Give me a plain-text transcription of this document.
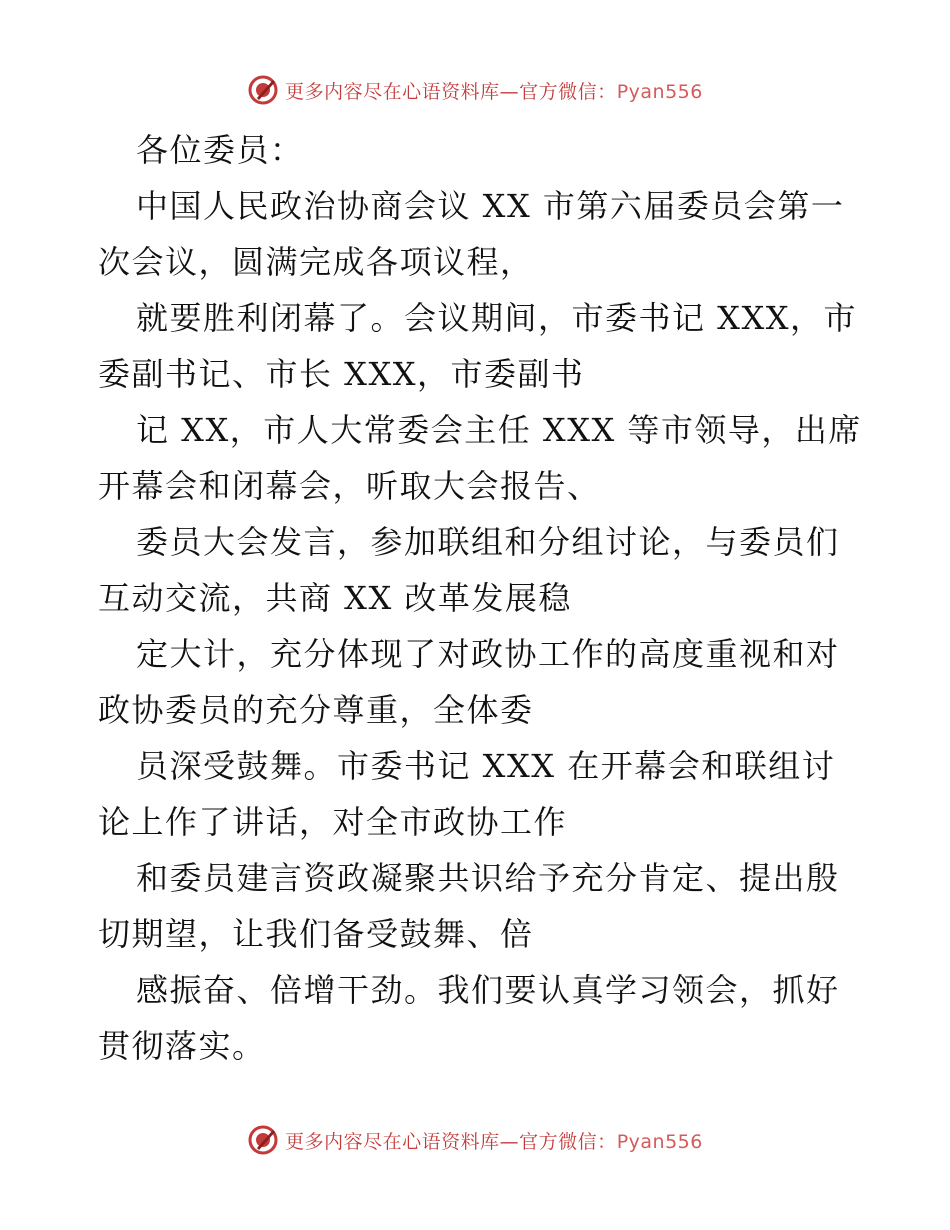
更多内容尽在心语资料库—官方微信：Pyan556
各位委员：
中国人民政治协商会议 XX 市第六届委员会第一
次会议，圆满完成各项议程，
就要胜利闭幕了。会议期间，市委书记 XXX，市
委副书记、市长 XXX，市委副书
记 XX，市人大常委会主任 XXX 等市领导，出席
开幕会和闭幕会，听取大会报告、
委员大会发言，参加联组和分组讨论，与委员们
互动交流，共商 XX 改革发展稳
定大计，充分体现了对政协工作的高度重视和对
政协委员的充分尊重，全体委
员深受鼓舞。市委书记 XXX 在开幕会和联组讨
论上作了讲话，对全市政协工作
和委员建言资政凝聚共识给予充分肯定、提出殷
切期望，让我们备受鼓舞、倍
感振奋、倍增干劲。我们要认真学习领会，抓好
贯彻落实。
更多内容尽在心语资料库—官方微信：Pyan556
